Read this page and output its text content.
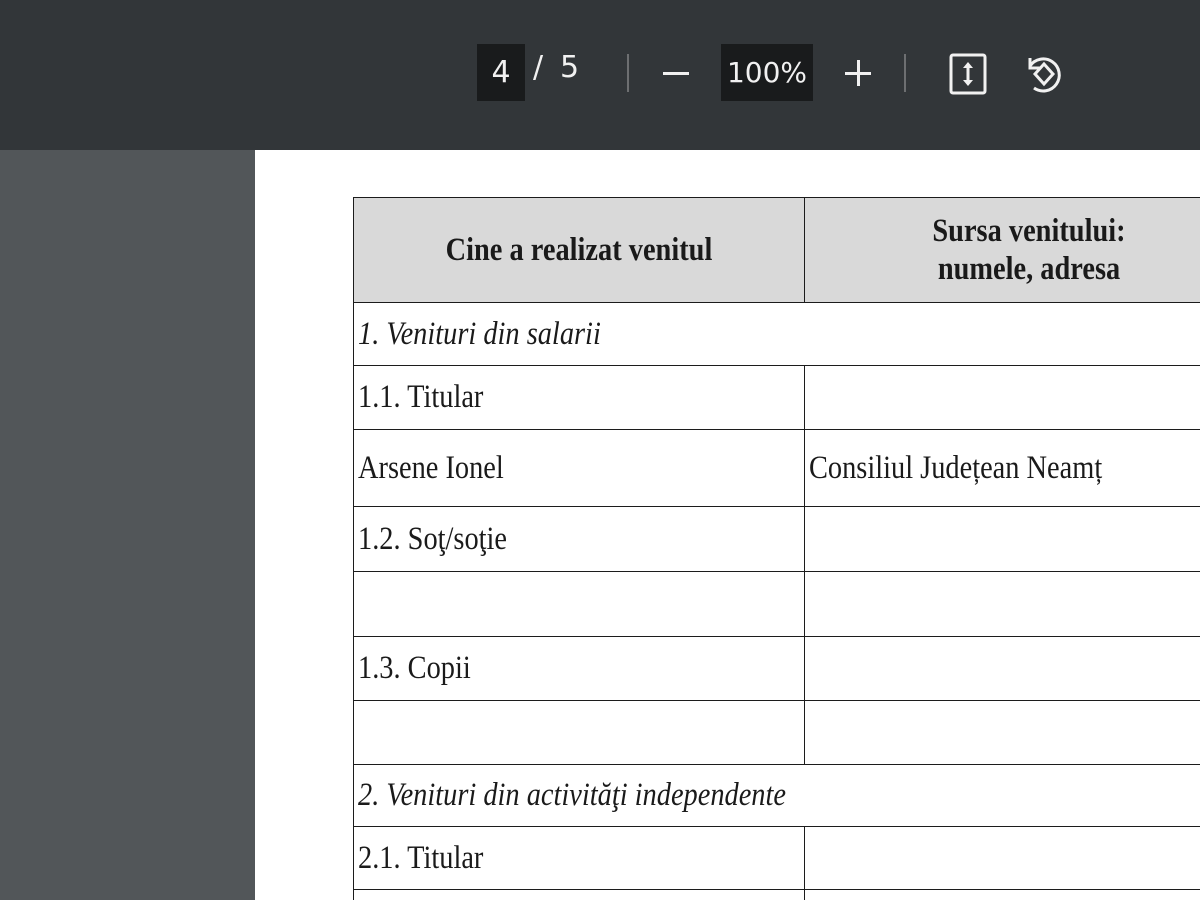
4 / 5	100%
Cine a realizat venitul	Sursa venitului:
numele, adresa

1. Venituri din salarii	

1.1. Titular	

Arsene Ionel	Consiliul Județean Neamț

1.2. Soţ/soţie	

1.3. Copii	

2. Venituri din activităţi independente	

2.1. Titular	
